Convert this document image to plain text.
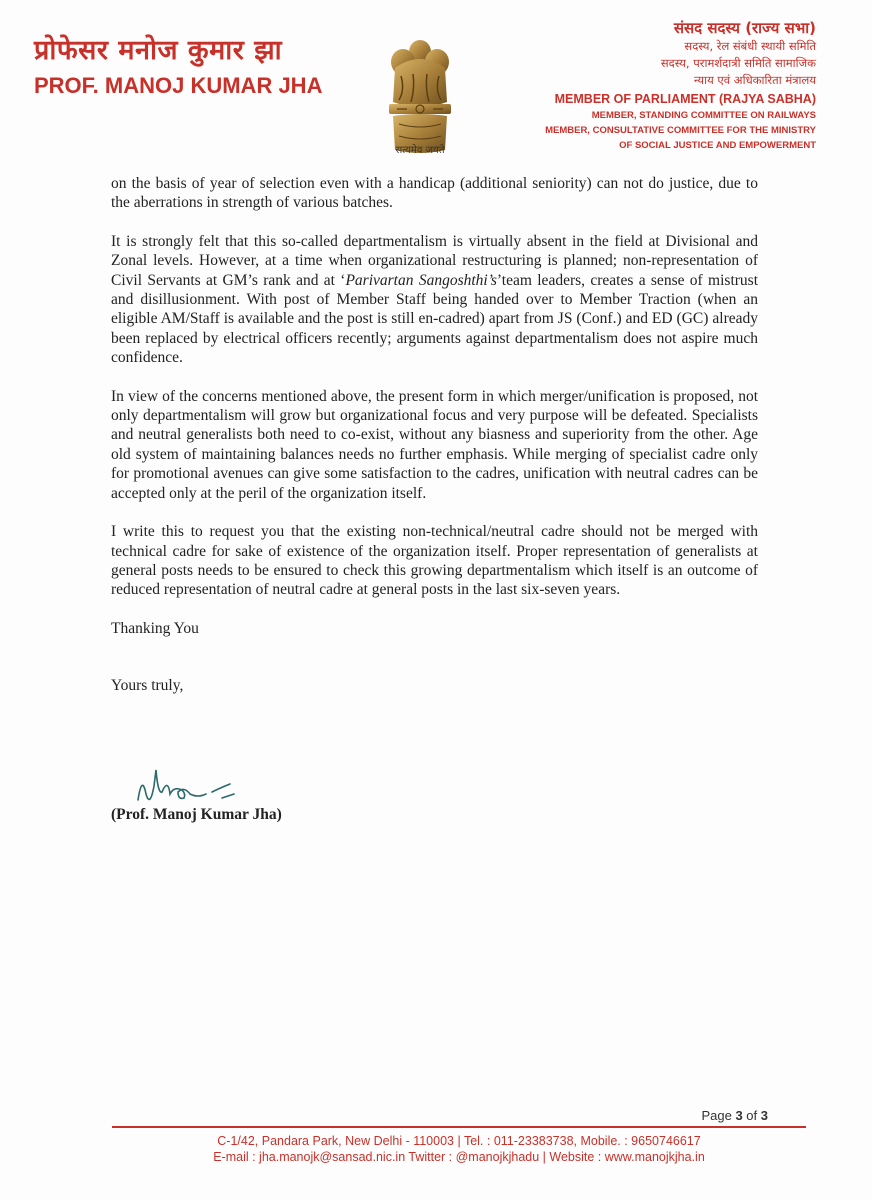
प्रोफेसर मनोज कुमार झा
PROF. MANOJ KUMAR JHA
सत्यमेव जयते
संसद सदस्य (राज्य सभा)
सदस्य, रेल संबंधी स्थायी समिति
सदस्य, परामर्शदात्री समिति सामाजिक
न्याय एवं अधिकारिता मंत्रालय
MEMBER OF PARLIAMENT (RAJYA SABHA)
MEMBER, STANDING COMMITTEE ON RAILWAYS
MEMBER, CONSULTATIVE COMMITTEE FOR THE MINISTRY
OF SOCIAL JUSTICE AND EMPOWERMENT

on the basis of year of selection even with a handicap (additional seniority) can not do justice, due to the aberrations in strength of various batches.

It is strongly felt that this so-called departmentalism is virtually absent in the field at Divisional and Zonal levels. However, at a time when organizational restructuring is planned; non-representation of Civil Servants at GM’s rank and at ‘Parivartan Sangoshthi’s’team leaders, creates a sense of mistrust and disillusionment. With post of Member Staff being handed over to Member Traction (when an eligible AM/Staff is available and the post is still en-cadred) apart from JS (Conf.) and ED (GC) already been replaced by electrical officers recently; arguments against departmentalism does not aspire much confidence.

In view of the concerns mentioned above, the present form in which merger/unification is proposed, not only departmentalism will grow but organizational focus and very purpose will be defeated. Specialists and neutral generalists both need to co-exist, without any biasness and superiority from the other. Age old system of maintaining balances needs no further emphasis. While merging of specialist cadre only for promotional avenues can give some satisfaction to the cadres, unification with neutral cadres can be accepted only at the peril of the organization itself.

I write this to request you that the existing non-technical/neutral cadre should not be merged with technical cadre for sake of existence of the organization itself. Proper representation of generalists at general posts needs to be ensured to check this growing departmentalism which itself is an outcome of reduced representation of neutral cadre at general posts in the last six-seven years.

Thanking You

Yours truly,

(Prof. Manoj Kumar Jha)
Page 3 of 3
C-1/42, Pandara Park, New Delhi - 110003 | Tel. : 011-23383738, Mobile. : 9650746617
E-mail : jha.manojk@sansad.nic.in Twitter : @manojkjhadu | Website : www.manojkjha.in
